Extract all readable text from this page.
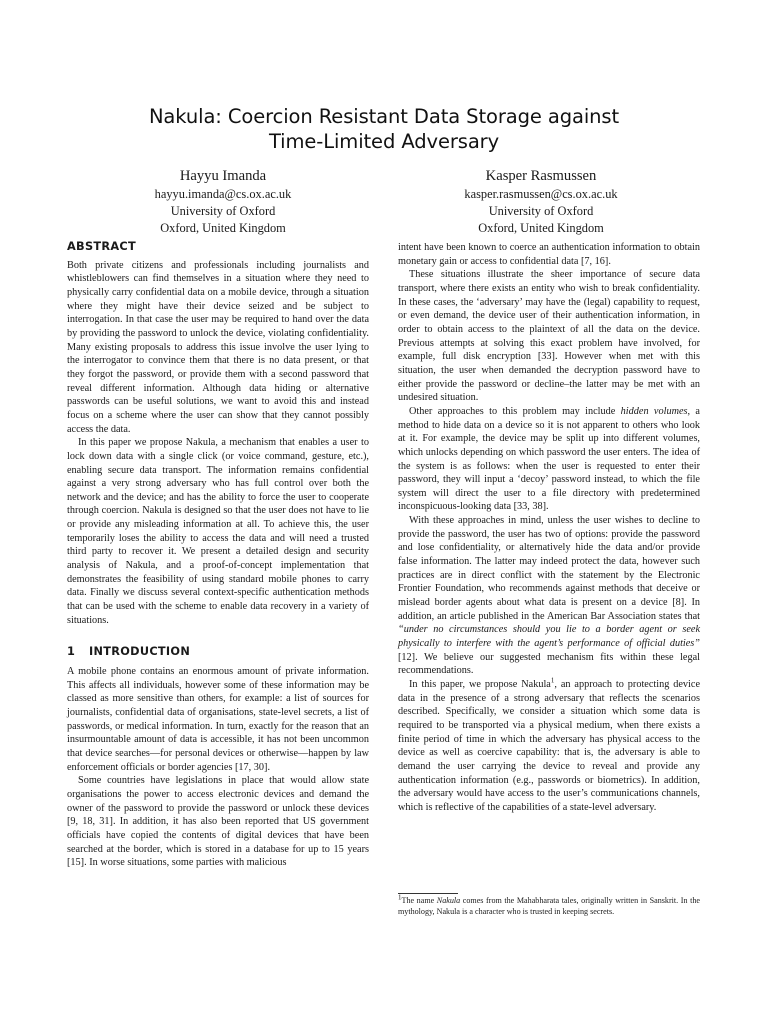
Nakula: Coercion Resistant Data Storage against
Time-Limited Adversary
Hayyu Imanda
hayyu.imanda@cs.ox.ac.uk
University of Oxford
Oxford, United Kingdom
Kasper Rasmussen
kasper.rasmussen@cs.ox.ac.uk
University of Oxford
Oxford, United Kingdom
ABSTRACT

Both private citizens and professionals including journalists and whistleblowers can find themselves in a situation where they need to physically carry confidential data on a mobile device, through a situation where they might have their device seized and be subject to interrogation. In that case the user may be required to hand over the data by providing the password to unlock the device, violating confidentiality. Many existing proposals to address this issue involve the user lying to the interrogator to convince them that there is no data present, or that they forgot the password, or provide them with a second password that reveal different information. Although data hiding or alternative passwords can be useful solutions, we want to avoid this and instead focus on a scheme where the user can show that they cannot possibly access the data.

In this paper we propose Nakula, a mechanism that enables a user to lock down data with a single click (or voice command, gesture, etc.), enabling secure data transport. The information remains confidential against a very strong adversary who has full control over both the network and the device; and has the ability to force the user to cooperate through coercion. Nakula is designed so that the user does not have to lie or provide any misleading information at all. To achieve this, the user temporarily loses the ability to access the data and will need a trusted third party to recover it. We present a detailed design and security analysis of Nakula, and a proof-of-concept implementation that demonstrates the feasibility of using standard mobile phones to carry data. Finally we discuss several context-specific authentication methods that can be used with the scheme to enable data recovery in a variety of situations.

1 INTRODUCTION

A mobile phone contains an enormous amount of private information. This affects all individuals, however some of these information may be classed as more sensitive than others, for example: a list of sources for journalists, confidential data of organisations, state-level secrets, a list of passwords, or medical information. In turn, exactly for the reason that an insurmountable amount of data is accessible, it has not been uncommon that device searches—for personal devices or otherwise—happen by law enforcement officials or border agencies [17, 30].

Some countries have legislations in place that would allow state organisations the power to access electronic devices and demand the owner of the password to provide the password or unlock these devices [9, 18, 31]. In addition, it has also been reported that US government officials have copied the contents of digital devices that have been searched at the border, which is stored in a database for up to 15 years [15]. In worse situations, some parties with malicious

intent have been known to coerce an authentication information to obtain monetary gain or access to confidential data [7, 16].

These situations illustrate the sheer importance of secure data transport, where there exists an entity who wish to break confidentiality. In these cases, the ‘adversary’ may have the (legal) capability to request, or even demand, the device user of their authentication information, in order to obtain access to the plaintext of all the data on the device. Previous attempts at solving this exact problem have involved, for example, full disk encryption [33]. However when met with this situation, the user when demanded the decryption password have to either provide the password or decline–the latter may be met with an undesired situation.

Other approaches to this problem may include hidden volumes, a method to hide data on a device so it is not apparent to others who look at it. For example, the device may be split up into different volumes, which unlocks depending on which password the user enters. The idea of the system is as follows: when the user is requested to enter their password, they will input a ‘decoy’ password instead, to which the file system will direct the user to a file directory with predetermined inconspicuous-looking data [33, 38].

With these approaches in mind, unless the user wishes to decline to provide the password, the user has two of options: provide the password and lose confidentiality, or alternatively hide the data and/or provide false information. The latter may indeed protect the data, however such practices are in direct conflict with the statement by the Electronic Frontier Foundation, who recommends against methods that deceive or mislead border agents about what data is present on a device [8]. In addition, an article published in the American Bar Association states that “under no circumstances should you lie to a border agent or seek physically to interfere with the agent’s performance of official duties” [12]. We believe our suggested mechanism fits within these legal recommendations.

In this paper, we propose Nakula$^1$, an approach to protecting device data in the presence of a strong adversary that reflects the scenarios described. Specifically, we consider a situation which some data is required to be transported via a physical medium, when there exists a finite period of time in which the adversary has physical access to the device as well as coercive capability: that is, the adversary is able to demand the user carrying the device to reveal and provide any authentication information (e.g., passwords or biometrics). In addition, the adversary would have access to the user’s communications channels, which is reflective of the capabilities of a state-level adversary.

$^1$The name Nakula comes from the Mahabharata tales, originally written in Sanskrit. In the mythology, Nakula is a character who is trusted in keeping secrets.
